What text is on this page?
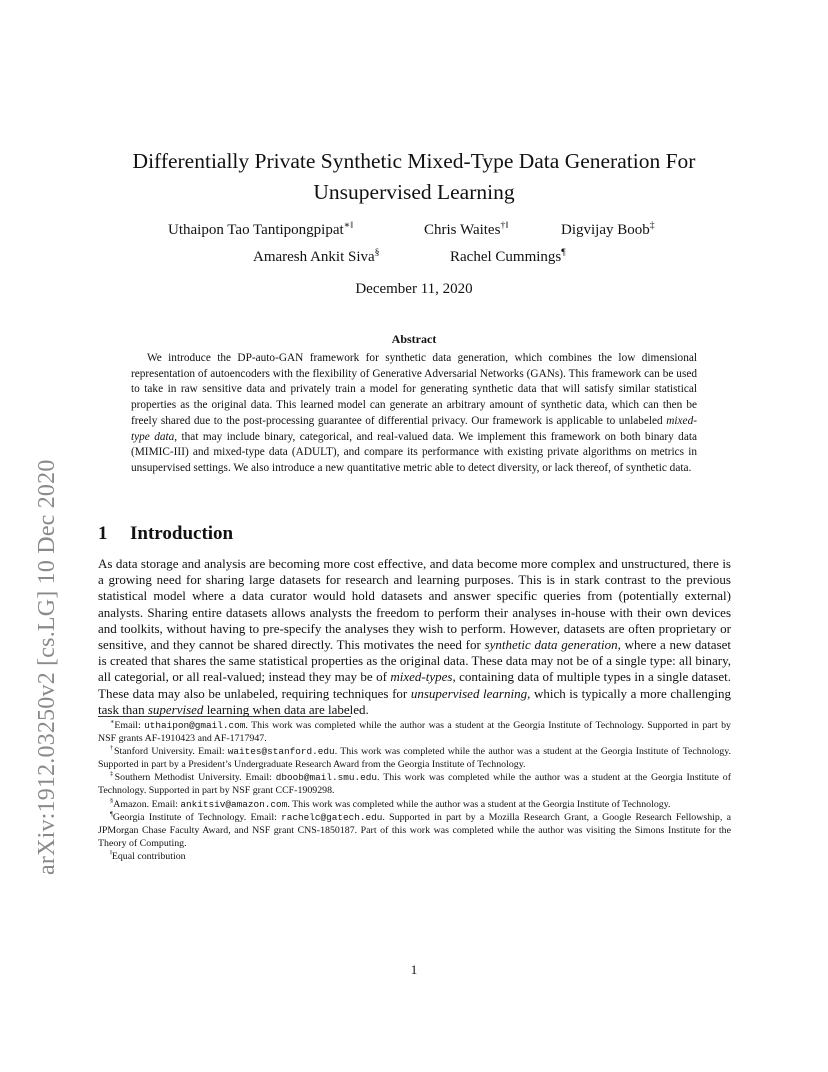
arXiv:1912.03250v2 [cs.LG] 10 Dec 2020
Differentially Private Synthetic Mixed-Type Data Generation For
Unsupervised Learning
Uthaipon Tao Tantipongpipat∗‖	Chris Waites†‖	Digvijay Boob‡
Amaresh Ankit Siva§	Rachel Cummings¶
December 11, 2020
Abstract

We introduce the DP-auto-GAN framework for synthetic data generation, which combines the low dimensional representation of autoencoders with the flexibility of Generative Adversarial Networks (GANs). This framework can be used to take in raw sensitive data and privately train a model for generating synthetic data that will satisfy similar statistical properties as the original data. This learned model can generate an arbitrary amount of synthetic data, which can then be freely shared due to the post-processing guarantee of differential privacy. Our framework is applicable to unlabeled mixed-type data, that may include binary, categorical, and real-valued data. We implement this framework on both binary data (MIMIC-III) and mixed-type data (ADULT), and compare its performance with existing private algorithms on metrics in unsupervised settings. We also introduce a new quantitative metric able to detect diversity, or lack thereof, of synthetic data.

1 Introduction

As data storage and analysis are becoming more cost effective, and data become more complex and unstructured, there is a growing need for sharing large datasets for research and learning purposes. This is in stark contrast to the previous statistical model where a data curator would hold datasets and answer specific queries from (potentially external) analysts. Sharing entire datasets allows analysts the freedom to perform their analyses in-house with their own devices and toolkits, without having to pre-specify the analyses they wish to perform. However, datasets are often proprietary or sensitive, and they cannot be shared directly. This motivates the need for synthetic data generation, where a new dataset is created that shares the same statistical properties as the original data. These data may not be of a single type: all binary, all categorial, or all real-valued; instead they may be of mixed-types, containing data of multiple types in a single dataset. These data may also be unlabeled, requiring techniques for unsupervised learning, which is typically a more challenging task than supervised learning when data are labeled.

∗Email: uthaipon@gmail.com. This work was completed while the author was a student at the Georgia Institute of Technology. Supported in part by NSF grants AF-1910423 and AF-1717947.

†Stanford University. Email: waites@stanford.edu. This work was completed while the author was a student at the Georgia Institute of Technology. Supported in part by a President’s Undergraduate Research Award from the Georgia Institute of Technology.

‡Southern Methodist University. Email: dboob@mail.smu.edu. This work was completed while the author was a student at the Georgia Institute of Technology. Supported in part by NSF grant CCF-1909298.

§Amazon. Email: ankitsiv@amazon.com. This work was completed while the author was a student at the Georgia Institute of Technology.

¶Georgia Institute of Technology. Email: rachelc@gatech.edu. Supported in part by a Mozilla Research Grant, a Google Research Fellowship, a JPMorgan Chase Faculty Award, and NSF grant CNS-1850187. Part of this work was completed while the author was visiting the Simons Institute for the Theory of Computing.

‖Equal contribution

1
